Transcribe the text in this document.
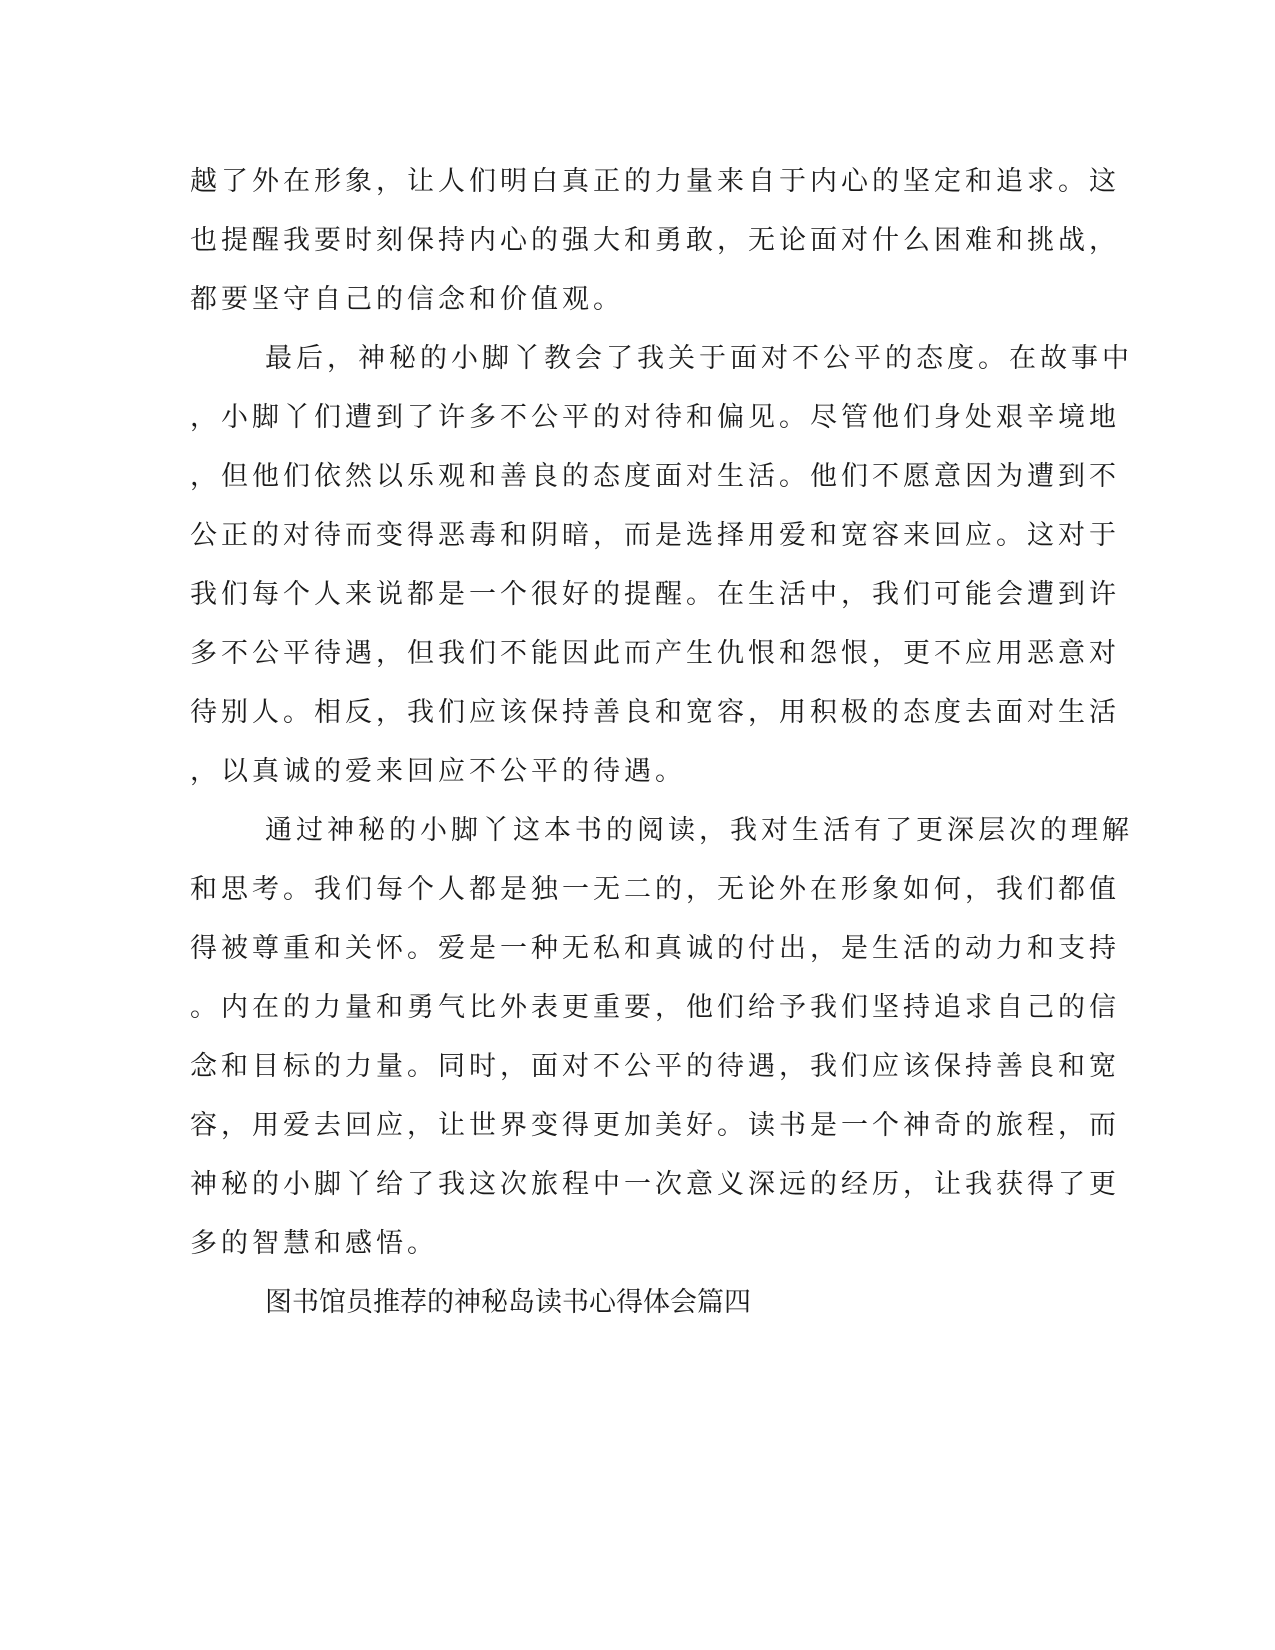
越了外在形象，让人们明白真正的力量来自于内心的坚定和追求。这
也提醒我要时刻保持内心的强大和勇敢，无论面对什么困难和挑战，
都要坚守自己的信念和价值观。
最后，神秘的小脚丫教会了我关于面对不公平的态度。在故事中
，小脚丫们遭到了许多不公平的对待和偏见。尽管他们身处艰辛境地
，但他们依然以乐观和善良的态度面对生活。他们不愿意因为遭到不
公正的对待而变得恶毒和阴暗，而是选择用爱和宽容来回应。这对于
我们每个人来说都是一个很好的提醒。在生活中，我们可能会遭到许
多不公平待遇，但我们不能因此而产生仇恨和怨恨，更不应用恶意对
待别人。相反，我们应该保持善良和宽容，用积极的态度去面对生活
，以真诚的爱来回应不公平的待遇。
通过神秘的小脚丫这本书的阅读，我对生活有了更深层次的理解
和思考。我们每个人都是独一无二的，无论外在形象如何，我们都值
得被尊重和关怀。爱是一种无私和真诚的付出，是生活的动力和支持
。内在的力量和勇气比外表更重要，他们给予我们坚持追求自己的信
念和目标的力量。同时，面对不公平的待遇，我们应该保持善良和宽
容，用爱去回应，让世界变得更加美好。读书是一个神奇的旅程，而
神秘的小脚丫给了我这次旅程中一次意义深远的经历，让我获得了更
多的智慧和感悟。
图书馆员推荐的神秘岛读书心得体会篇四
